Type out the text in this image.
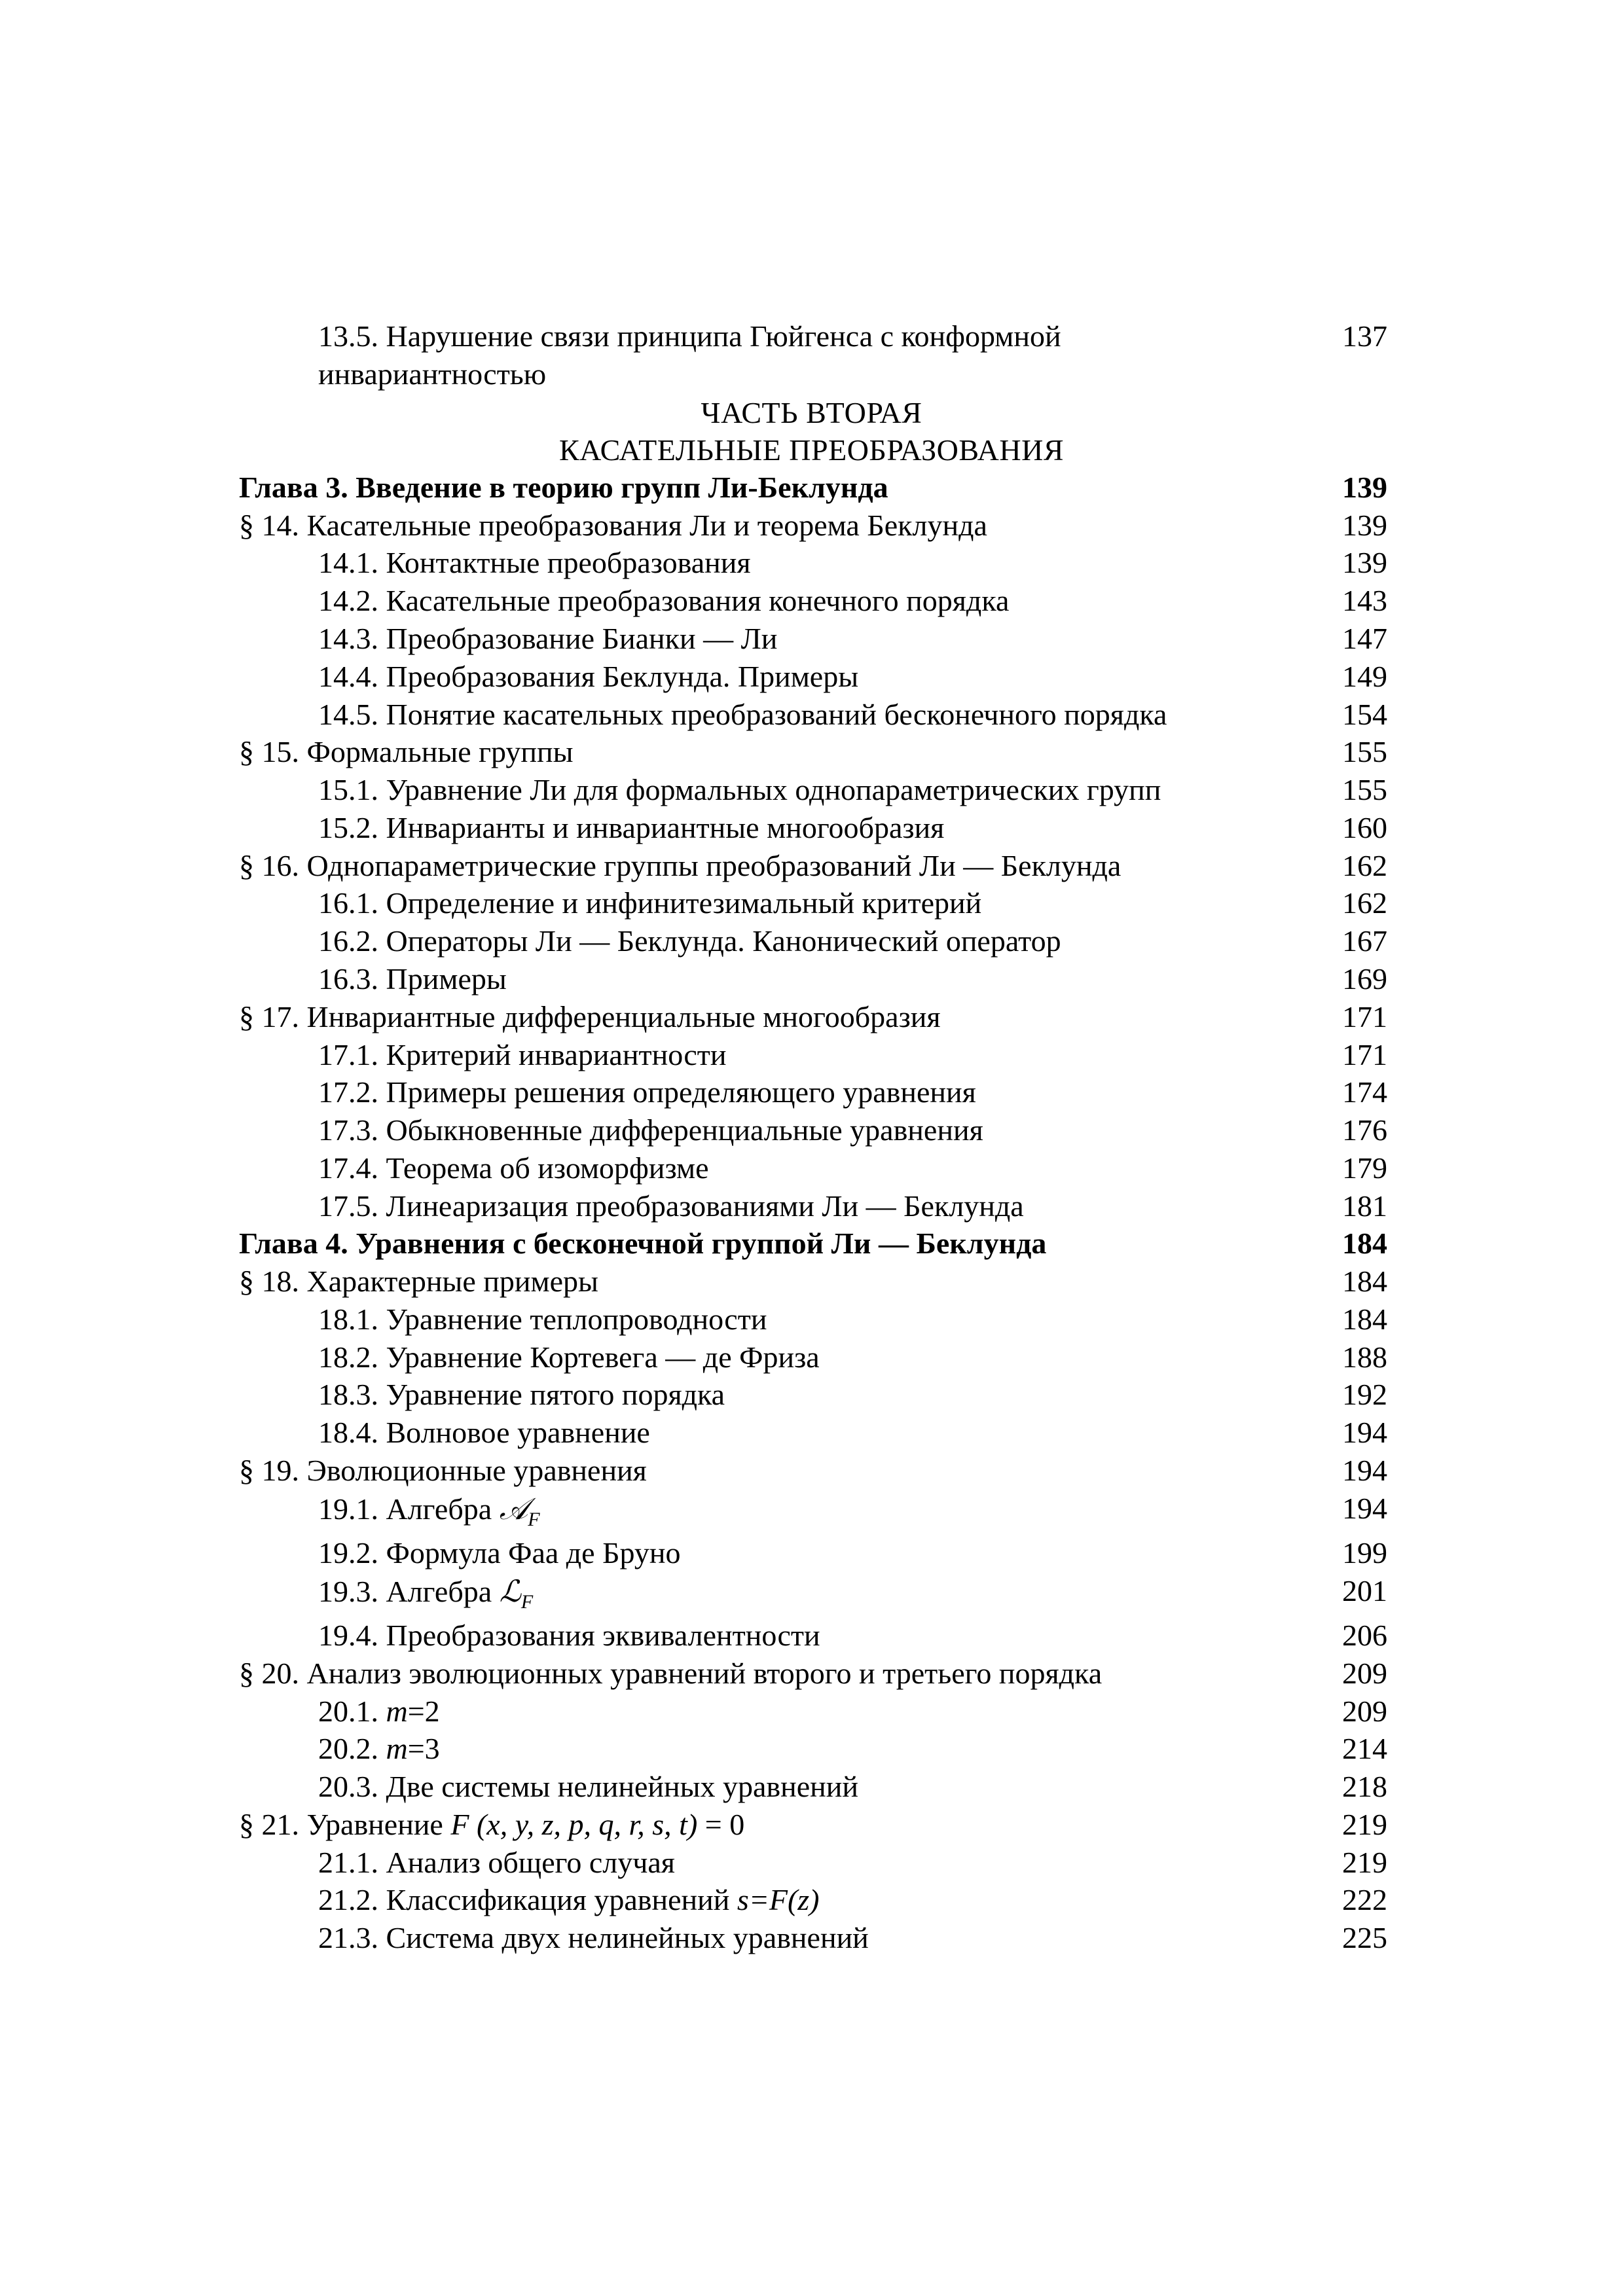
13.5. Нарушение связи принципа Гюйгенса с конформной	137
инвариантностью
ЧАСТЬ ВТОРАЯ
КАСАТЕЛЬНЫЕ ПРЕОБРАЗОВАНИЯ
Глава 3. Введение в теорию групп Ли-Беклунда	139
§ 14. Касательные преобразования Ли и теорема Беклунда	139
14.1. Контактные преобразования	139
14.2. Касательные преобразования конечного порядка	143
14.3. Преобразование Бианки — Ли	147
14.4. Преобразования Беклунда. Примеры	149
14.5. Понятие касательных преобразований бесконечного порядка	154
§ 15. Формальные группы	155
15.1. Уравнение Ли для формальных однопараметрических групп	155
15.2. Инварианты и инвариантные многообразия	160
§ 16. Однопараметрические группы преобразований Ли — Беклунда	162
16.1. Определение и инфинитезимальный критерий	162
16.2. Операторы Ли — Беклунда. Канонический оператор	167
16.3. Примеры	169
§ 17. Инвариантные дифференциальные многообразия	171
17.1. Критерий инвариантности	171
17.2. Примеры решения определяющего уравнения	174
17.3. Обыкновенные дифференциальные уравнения	176
17.4. Теорема об изоморфизме	179
17.5. Линеаризация преобразованиями Ли — Беклунда	181
Глава 4. Уравнения с бесконечной группой Ли — Беклунда	184
§ 18. Характерные примеры	184
18.1. Уравнение теплопроводности	184
18.2. Уравнение Кортевега — де Фриза	188
18.3. Уравнение пятого порядка	192
18.4. Волновое уравнение	194
§ 19. Эволюционные уравнения	194
19.1. Алгебра 𝒜$_F$	194
19.2. Формула Фаа де Бруно	199
19.3. Алгебра ℒ$_F$	201
19.4. Преобразования эквивалентности	206
§ 20. Анализ эволюционных уравнений второго и третьего порядка	209
20.1. m=2	209
20.2. m=3	214
20.3. Две системы нелинейных уравнений	218
§ 21. Уравнение F (x, y, z, p, q, r, s, t) = 0	219
21.1. Анализ общего случая	219
21.2. Классификация уравнений s=F(z)	222
21.3. Система двух нелинейных уравнений	225
